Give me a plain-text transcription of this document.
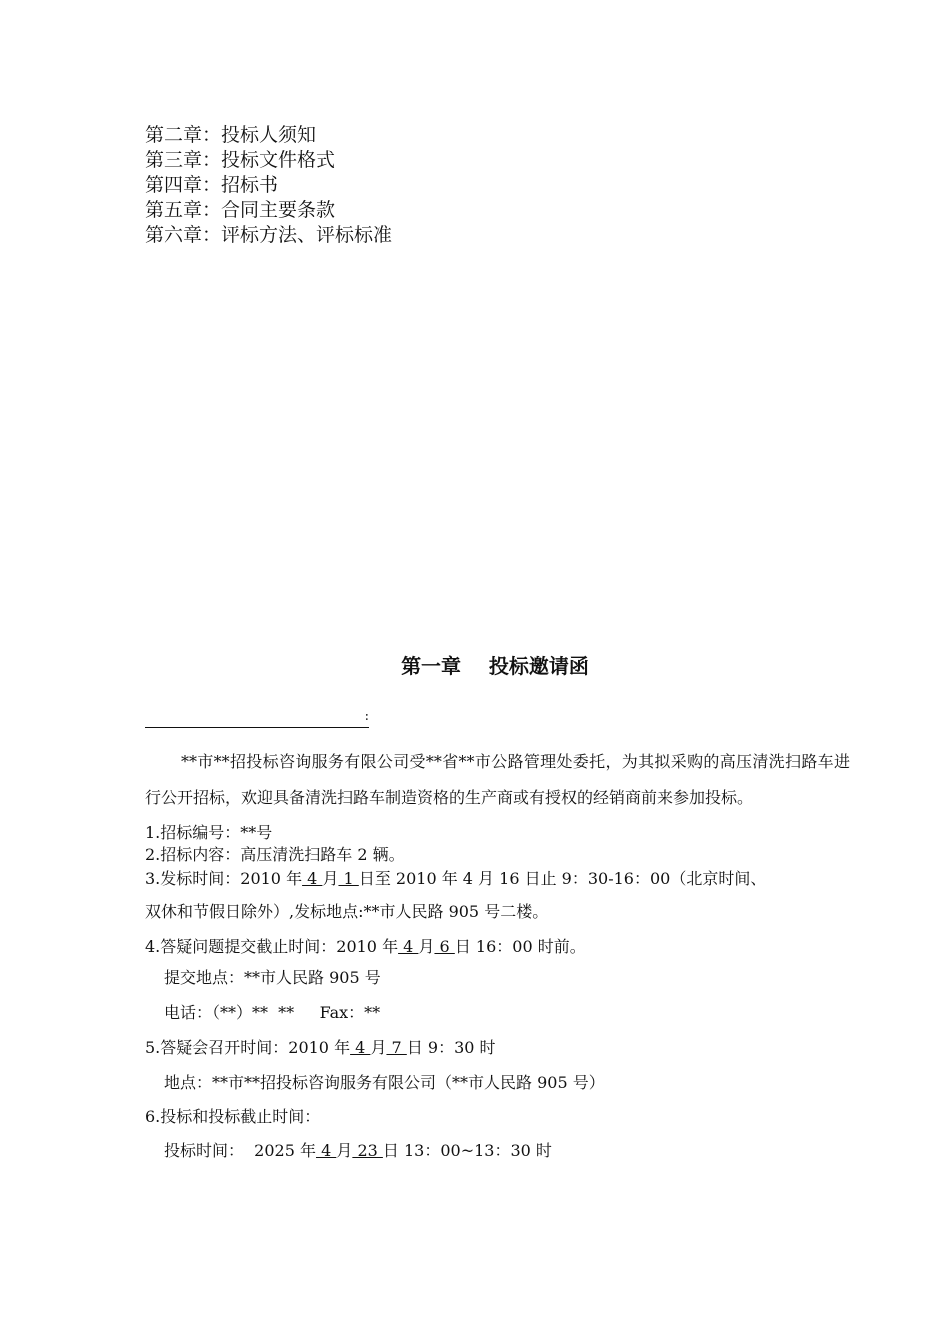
第二章：投标人须知
第三章：投标文件格式
第四章：招标书
第五章：合同主要条款
第六章：评标方法、评标标准
第一章    投标邀请函
:

**市**招投标咨询服务有限公司受**省**市公路管理处委托，为其拟采购的高压清洗扫路车进行公开招标，欢迎具备清洗扫路车制造资格的生产商或有授权的经销商前来参加投标。

1.招标编号：**号
2.招标内容：高压清洗扫路车 2 辆。
3.发标时间：2010 年 4 月 1 日至 2010 年 4 月 16 日止 9：30-16：00（北京时间、
双休和节假日除外）,发标地点:**市人民路 905 号二楼。
4.答疑问题提交截止时间：2010 年 4 月 6 日 16：00 时前。
提交地点：**市人民路 905 号
电话：（**）**  **     Fax：**
5.答疑会召开时间：2010 年 4 月 7 日 9：30 时
地点：**市**招投标咨询服务有限公司（**市人民路 905 号）
6.投标和投标截止时间：
投标时间：  2025 年 4 月 23 日 13：00~13：30 时
